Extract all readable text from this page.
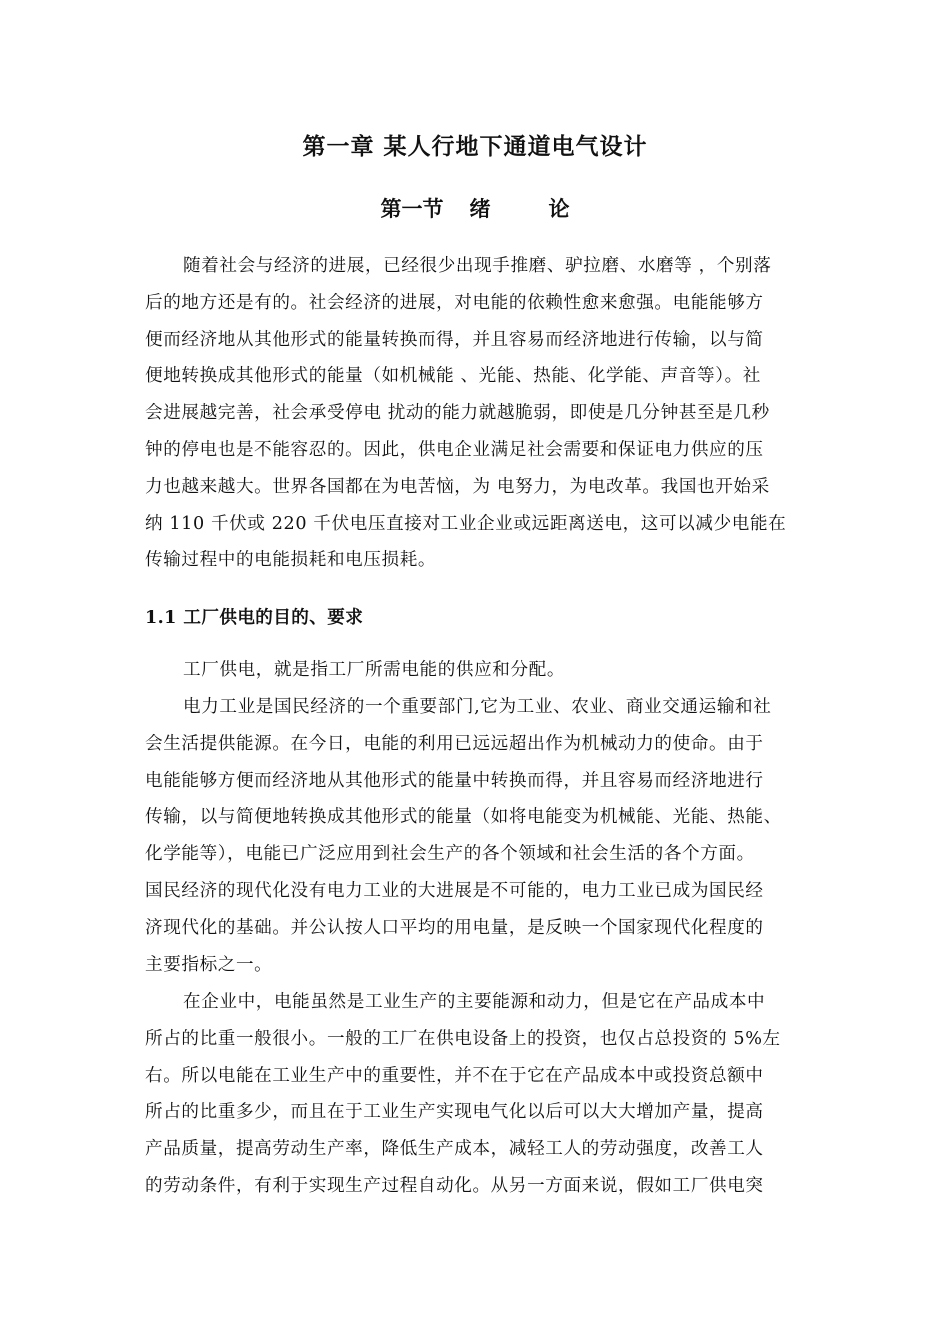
第一章 某人行地下通道电气设计
第一节 绪	论
随着社会与经济的进展，已经很少出现手推磨、驴拉磨、水磨等 ，个别落
后的地方还是有的。社会经济的进展，对电能的依赖性愈来愈强。电能能够方
便而经济地从其他形式的能量转换而得，并且容易而经济地进行传输，以与简
便地转换成其他形式的能量（如机械能 、光能、热能、化学能、声音等）。社
会进展越完善，社会承受停电 扰动的能力就越脆弱，即使是几分钟甚至是几秒
钟的停电也是不能容忍的。因此，供电企业满足社会需要和保证电力供应的压
力也越来越大。世界各国都在为电苦恼，为 电努力，为电改革。我国也开始采
纳 110 千伏或 220 千伏电压直接对工业企业或远距离送电，这可以减少电能在
传输过程中的电能损耗和电压损耗。
1.1 工厂供电的目的、要求
工厂供电，就是指工厂所需电能的供应和分配。
电力工业是国民经济的一个重要部门,它为工业、农业、商业交通运输和社
会生活提供能源。在今日，电能的利用已远远超出作为机械动力的使命。由于
电能能够方便而经济地从其他形式的能量中转换而得，并且容易而经济地进行
传输，以与简便地转换成其他形式的能量（如将电能变为机械能、光能、热能、
化学能等），电能已广泛应用到社会生产的各个领域和社会生活的各个方面。
国民经济的现代化没有电力工业的大进展是不可能的，电力工业已成为国民经
济现代化的基础。并公认按人口平均的用电量，是反映一个国家现代化程度的
主要指标之一。
在企业中，电能虽然是工业生产的主要能源和动力，但是它在产品成本中
所占的比重一般很小。一般的工厂在供电设备上的投资，也仅占总投资的 5%左
右。所以电能在工业生产中的重要性，并不在于它在产品成本中或投资总额中
所占的比重多少，而且在于工业生产实现电气化以后可以大大增加产量，提高
产品质量，提高劳动生产率，降低生产成本，减轻工人的劳动强度，改善工人
的劳动条件，有利于实现生产过程自动化。从另一方面来说，假如工厂供电突
